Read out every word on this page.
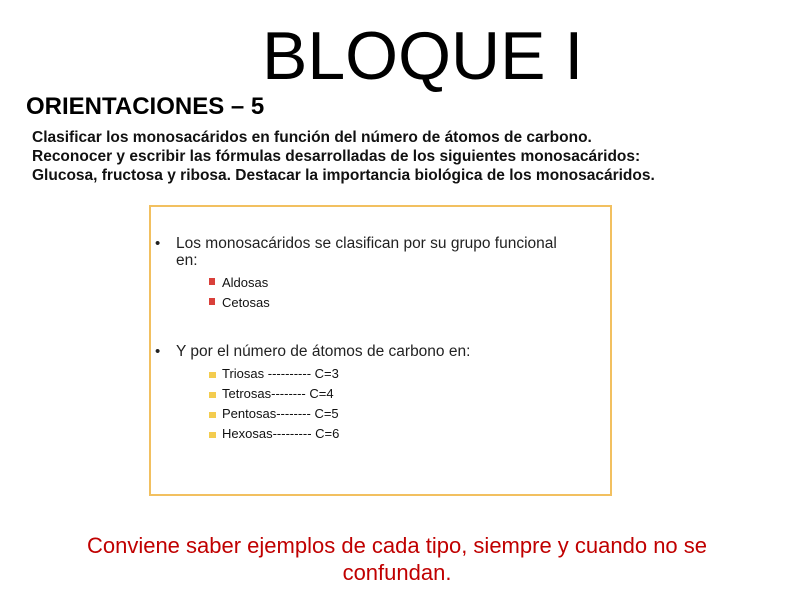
BLOQUE I
ORIENTACIONES – 5
Clasificar los monosacáridos en función del número de átomos de carbono.
Reconocer y escribir las fórmulas desarrolladas de los siguientes monosacáridos:
Glucosa, fructosa y ribosa. Destacar la importancia biológica de los monosacáridos.
• Los monosacáridos se clasifican por su grupo funcional
en:
Aldosas
Cetosas
• Y por el número de átomos de carbono en:
Triosas ---------- C=3
Tetrosas-------- C=4
Pentosas-------- C=5
Hexosas--------- C=6
Conviene saber ejemplos de cada tipo, siempre y cuando no se
confundan.
